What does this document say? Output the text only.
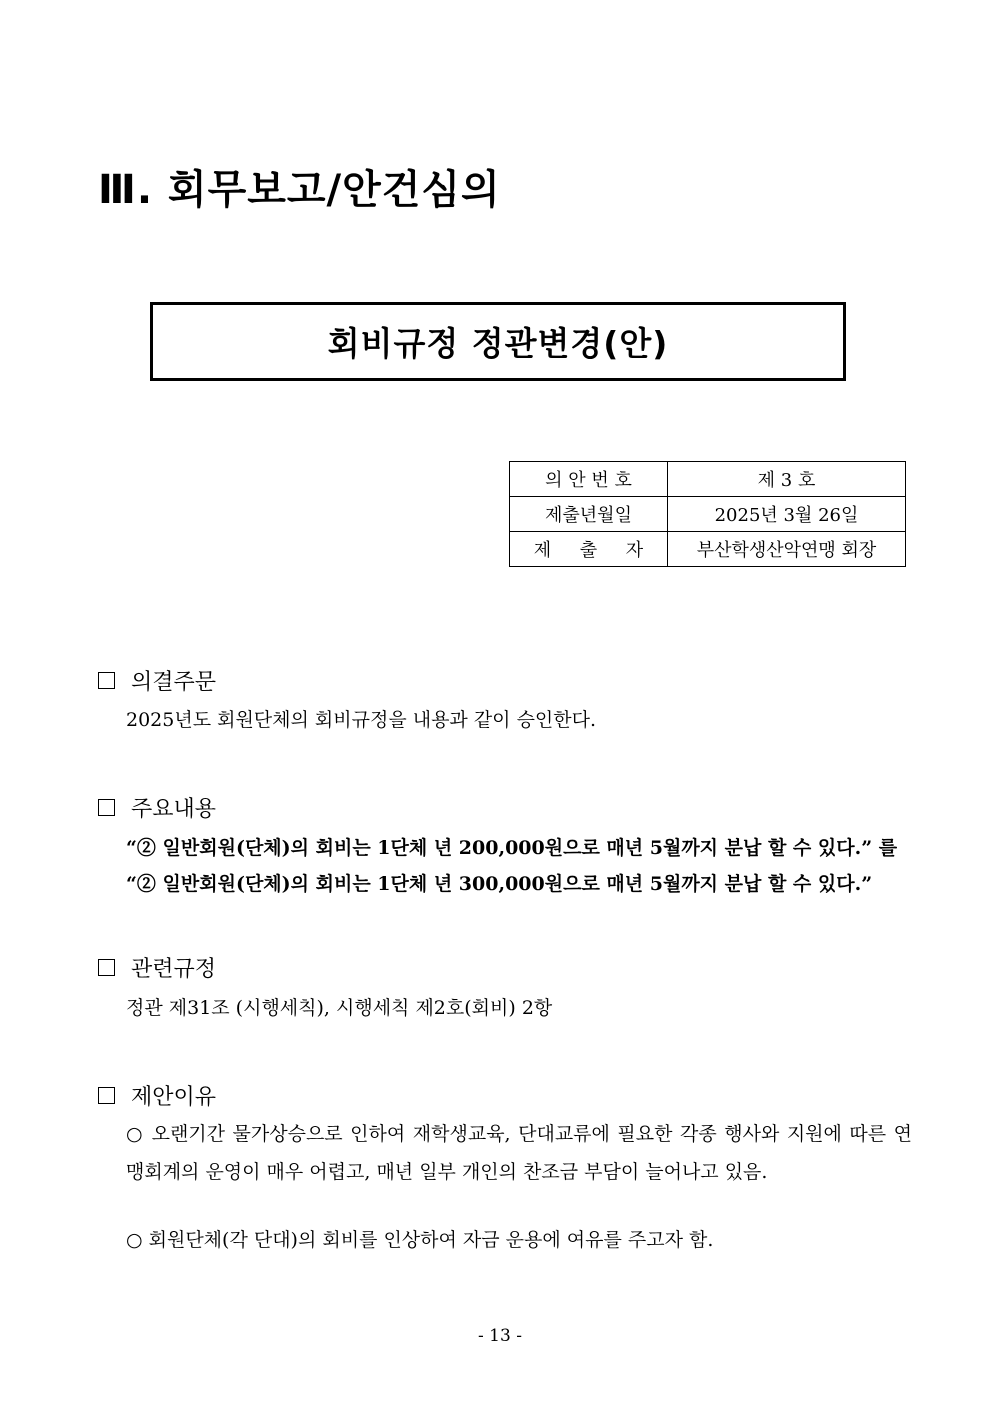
Ⅲ. 회무보고/안건심의
회비규정 정관변경(안)
의 안 번 호	제 3 호
제출년월일	2025년 3월 26일
제     출     자	부산학생산악연맹 회장
의결주문
2025년도 회원단체의 회비규정을 내용과 같이 승인한다.
주요내용
“② 일반회원(단체)의 회비는 1단체 년 200,000원으로 매년 5월까지 분납 할 수 있다.” 를
“② 일반회원(단체)의 회비는 1단체 년 300,000원으로 매년 5월까지 분납 할 수 있다.”
관련규정
정관 제31조 (시행세칙), 시행세칙 제2호(회비) 2항
제안이유
○ 오랜기간 물가상승으로 인하여 재학생교육, 단대교류에 필요한 각종 행사와 지원에 따른 연맹회계의 운영이 매우 어렵고, 매년 일부 개인의 찬조금 부담이 늘어나고 있음.
○ 회원단체(각 단대)의 회비를 인상하여 자금 운용에 여유를 주고자 함.
- 13 -
